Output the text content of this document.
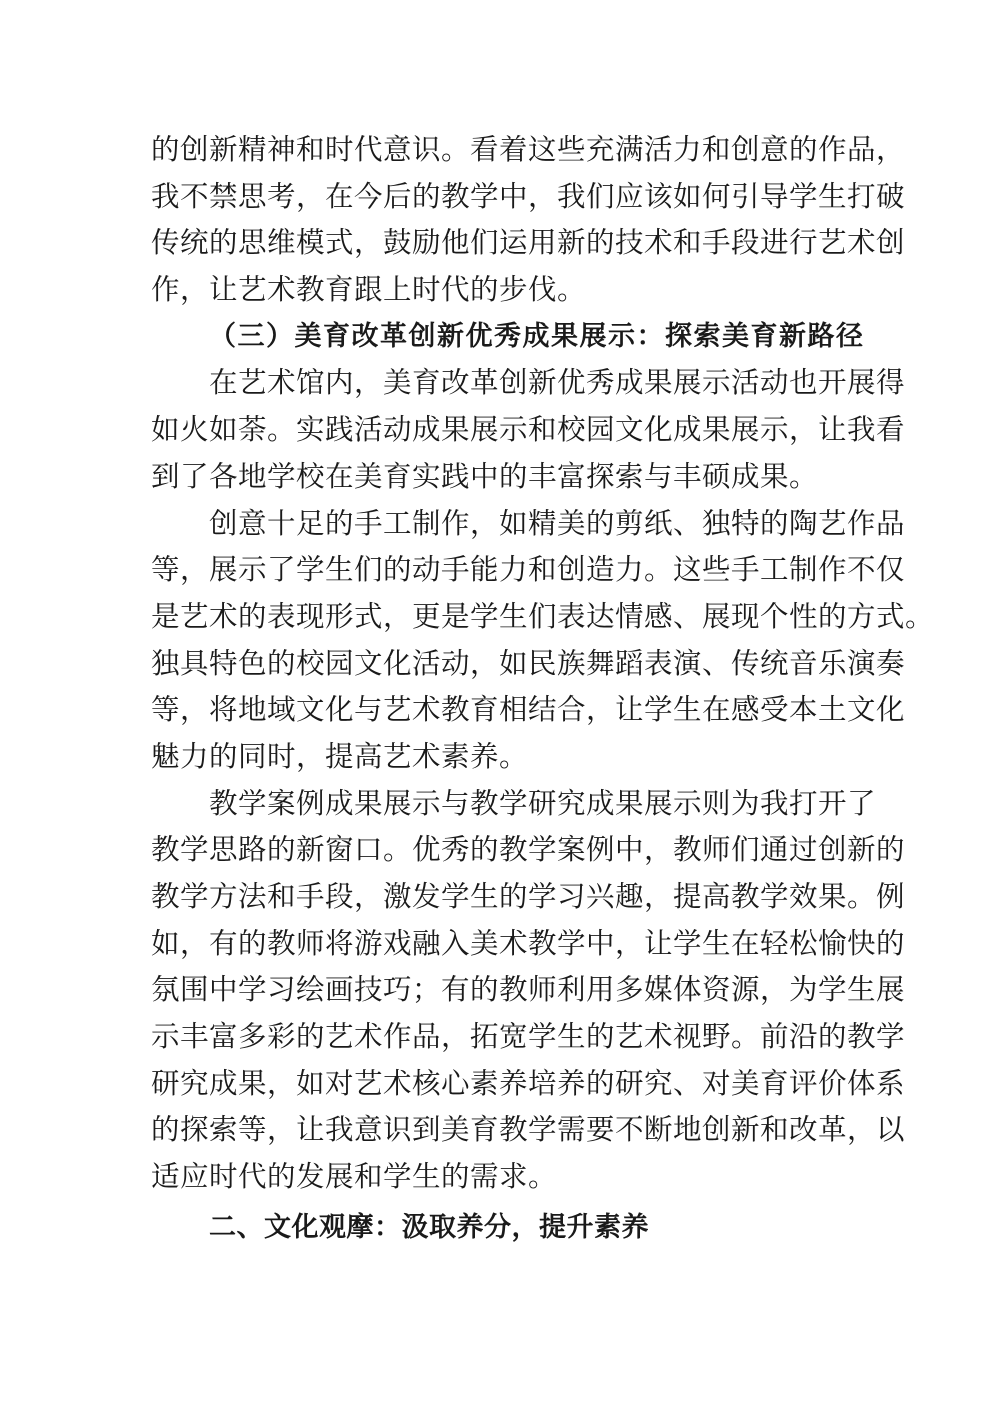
的创新精神和时代意识。看着这些充满活力和创意的作品，
我不禁思考，在今后的教学中，我们应该如何引导学生打破
传统的思维模式，鼓励他们运用新的技术和手段进行艺术创
作，让艺术教育跟上时代的步伐。
（三）美育改革创新优秀成果展示：探索美育新路径
在艺术馆内，美育改革创新优秀成果展示活动也开展得
如火如荼。实践活动成果展示和校园文化成果展示，让我看
到了各地学校在美育实践中的丰富探索与丰硕成果。
创意十足的手工制作，如精美的剪纸、独特的陶艺作品
等，展示了学生们的动手能力和创造力。这些手工制作不仅
是艺术的表现形式，更是学生们表达情感、展现个性的方式。
独具特色的校园文化活动，如民族舞蹈表演、传统音乐演奏
等，将地域文化与艺术教育相结合，让学生在感受本土文化
魅力的同时，提高艺术素养。
教学案例成果展示与教学研究成果展示则为我打开了
教学思路的新窗口。优秀的教学案例中，教师们通过创新的
教学方法和手段，激发学生的学习兴趣，提高教学效果。例
如，有的教师将游戏融入美术教学中，让学生在轻松愉快的
氛围中学习绘画技巧；有的教师利用多媒体资源，为学生展
示丰富多彩的艺术作品，拓宽学生的艺术视野。前沿的教学
研究成果，如对艺术核心素养培养的研究、对美育评价体系
的探索等，让我意识到美育教学需要不断地创新和改革，以
适应时代的发展和学生的需求。
二、文化观摩：汲取养分，提升素养
